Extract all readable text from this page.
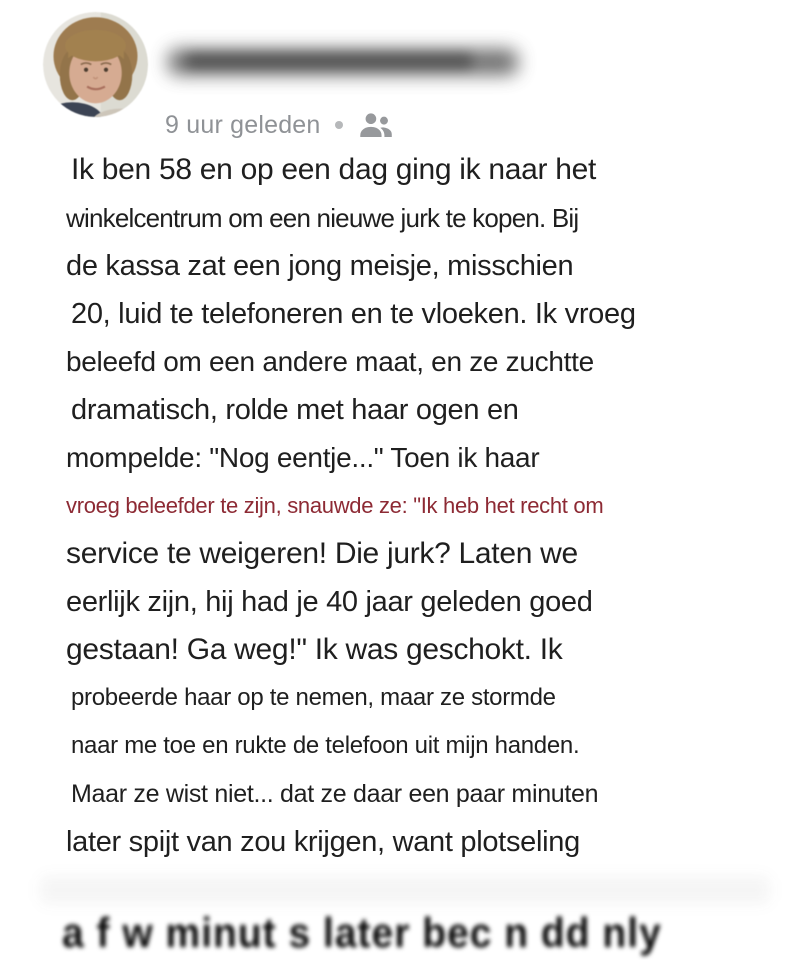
9 uur geleden
Ik ben 58 en op een dag ging ik naar het
winkelcentrum om een nieuwe jurk te kopen. Bij
de kassa zat een jong meisje, misschien
20, luid te telefoneren en te vloeken. Ik vroeg
beleefd om een andere maat, en ze zuchtte
dramatisch, rolde met haar ogen en
mompelde: "Nog eentje..." Toen ik haar
vroeg beleefder te zijn, snauwde ze: "Ik heb het recht om
service te weigeren! Die jurk? Laten we
eerlijk zijn, hij had je 40 jaar geleden goed
gestaan! Ga weg!" Ik was geschokt. Ik
probeerde haar op te nemen, maar ze stormde
naar me toe en rukte de telefoon uit mijn handen.
Maar ze wist niet... dat ze daar een paar minuten
later spijt van zou krijgen, want plotseling
a f w minut s later bec n dd nly
